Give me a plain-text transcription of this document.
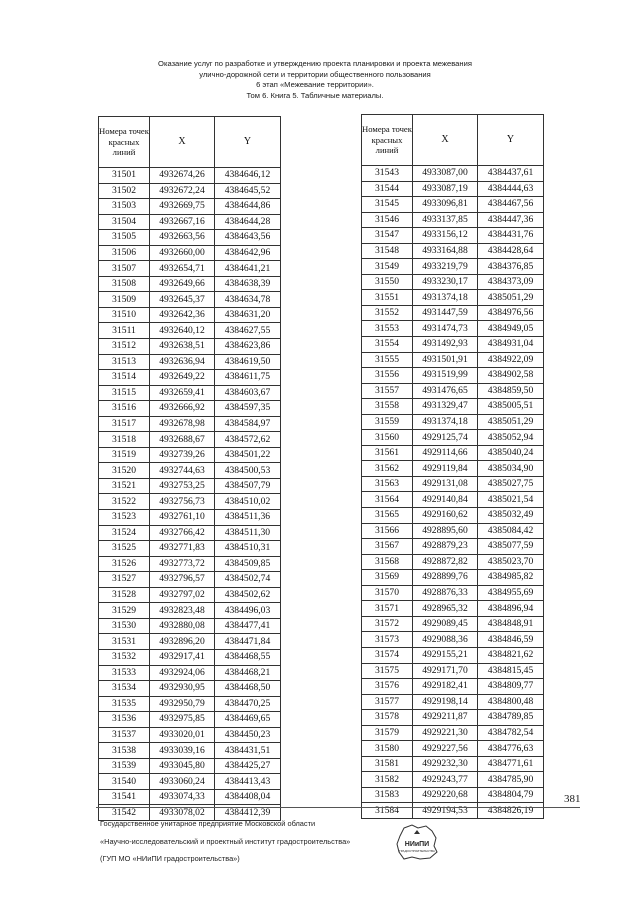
Оказание услуг по разработке и утверждению проекта планировки и проекта межевания
улично-дорожной сети и территории общественного пользования
6 этап «Межевание территории».
Том 6. Книга 5. Табличные материалы.
Номера точек красных линий	X	Y
31501	4932674,26	4384646,12
31502	4932672,24	4384645,52
31503	4932669,75	4384644,86
31504	4932667,16	4384644,28
31505	4932663,56	4384643,56
31506	4932660,00	4384642,96
31507	4932654,71	4384641,21
31508	4932649,66	4384638,39
31509	4932645,37	4384634,78
31510	4932642,36	4384631,20
31511	4932640,12	4384627,55
31512	4932638,51	4384623,86
31513	4932636,94	4384619,50
31514	4932649,22	4384611,75
31515	4932659,41	4384603,67
31516	4932666,92	4384597,35
31517	4932678,98	4384584,97
31518	4932688,67	4384572,62
31519	4932739,26	4384501,22
31520	4932744,63	4384500,53
31521	4932753,25	4384507,79
31522	4932756,73	4384510,02
31523	4932761,10	4384511,36
31524	4932766,42	4384511,30
31525	4932771,83	4384510,31
31526	4932773,72	4384509,85
31527	4932796,57	4384502,74
31528	4932797,02	4384502,62
31529	4932823,48	4384496,03
31530	4932880,08	4384477,41
31531	4932896,20	4384471,84
31532	4932917,41	4384468,55
31533	4932924,06	4384468,21
31534	4932930,95	4384468,50
31535	4932950,79	4384470,25
31536	4932975,85	4384469,65
31537	4933020,01	4384450,23
31538	4933039,16	4384431,51
31539	4933045,80	4384425,27
31540	4933060,24	4384413,43
31541	4933074,33	4384408,04
31542	4933078,02	4384412,39
Номера точек красных линий	X	Y
31543	4933087,00	4384437,61
31544	4933087,19	4384444,63
31545	4933096,81	4384467,56
31546	4933137,85	4384447,36
31547	4933156,12	4384431,76
31548	4933164,88	4384428,64
31549	4933219,79	4384376,85
31550	4933230,17	4384373,09
31551	4931374,18	4385051,29
31552	4931447,59	4384976,56
31553	4931474,73	4384949,05
31554	4931492,93	4384931,04
31555	4931501,91	4384922,09
31556	4931519,99	4384902,58
31557	4931476,65	4384859,50
31558	4931329,47	4385005,51
31559	4931374,18	4385051,29
31560	4929125,74	4385052,94
31561	4929114,66	4385040,24
31562	4929119,84	4385034,90
31563	4929131,08	4385027,75
31564	4929140,84	4385021,54
31565	4929160,62	4385032,49
31566	4928895,60	4385084,42
31567	4928879,23	4385077,59
31568	4928872,82	4385023,70
31569	4928899,76	4384985,82
31570	4928876,33	4384955,69
31571	4928965,32	4384896,94
31572	4929089,45	4384848,91
31573	4929088,36	4384846,59
31574	4929155,21	4384821,62
31575	4929171,70	4384815,45
31576	4929182,41	4384809,77
31577	4929198,14	4384800,48
31578	4929211,87	4384789,85
31579	4929221,30	4384782,54
31580	4929227,56	4384776,63
31581	4929232,30	4384771,61
31582	4929243,77	4384785,90
31583	4929220,68	4384804,79
31584	4929194,53	4384826,19
381
Государственное унитарное предприятие Московской области
«Научно-исследовательский и проектный институт градостроительства»
(ГУП МО «НИиПИ градостроительства»)
НИиПИ
ГРАДОСТРОИТЕЛЬСТВА
